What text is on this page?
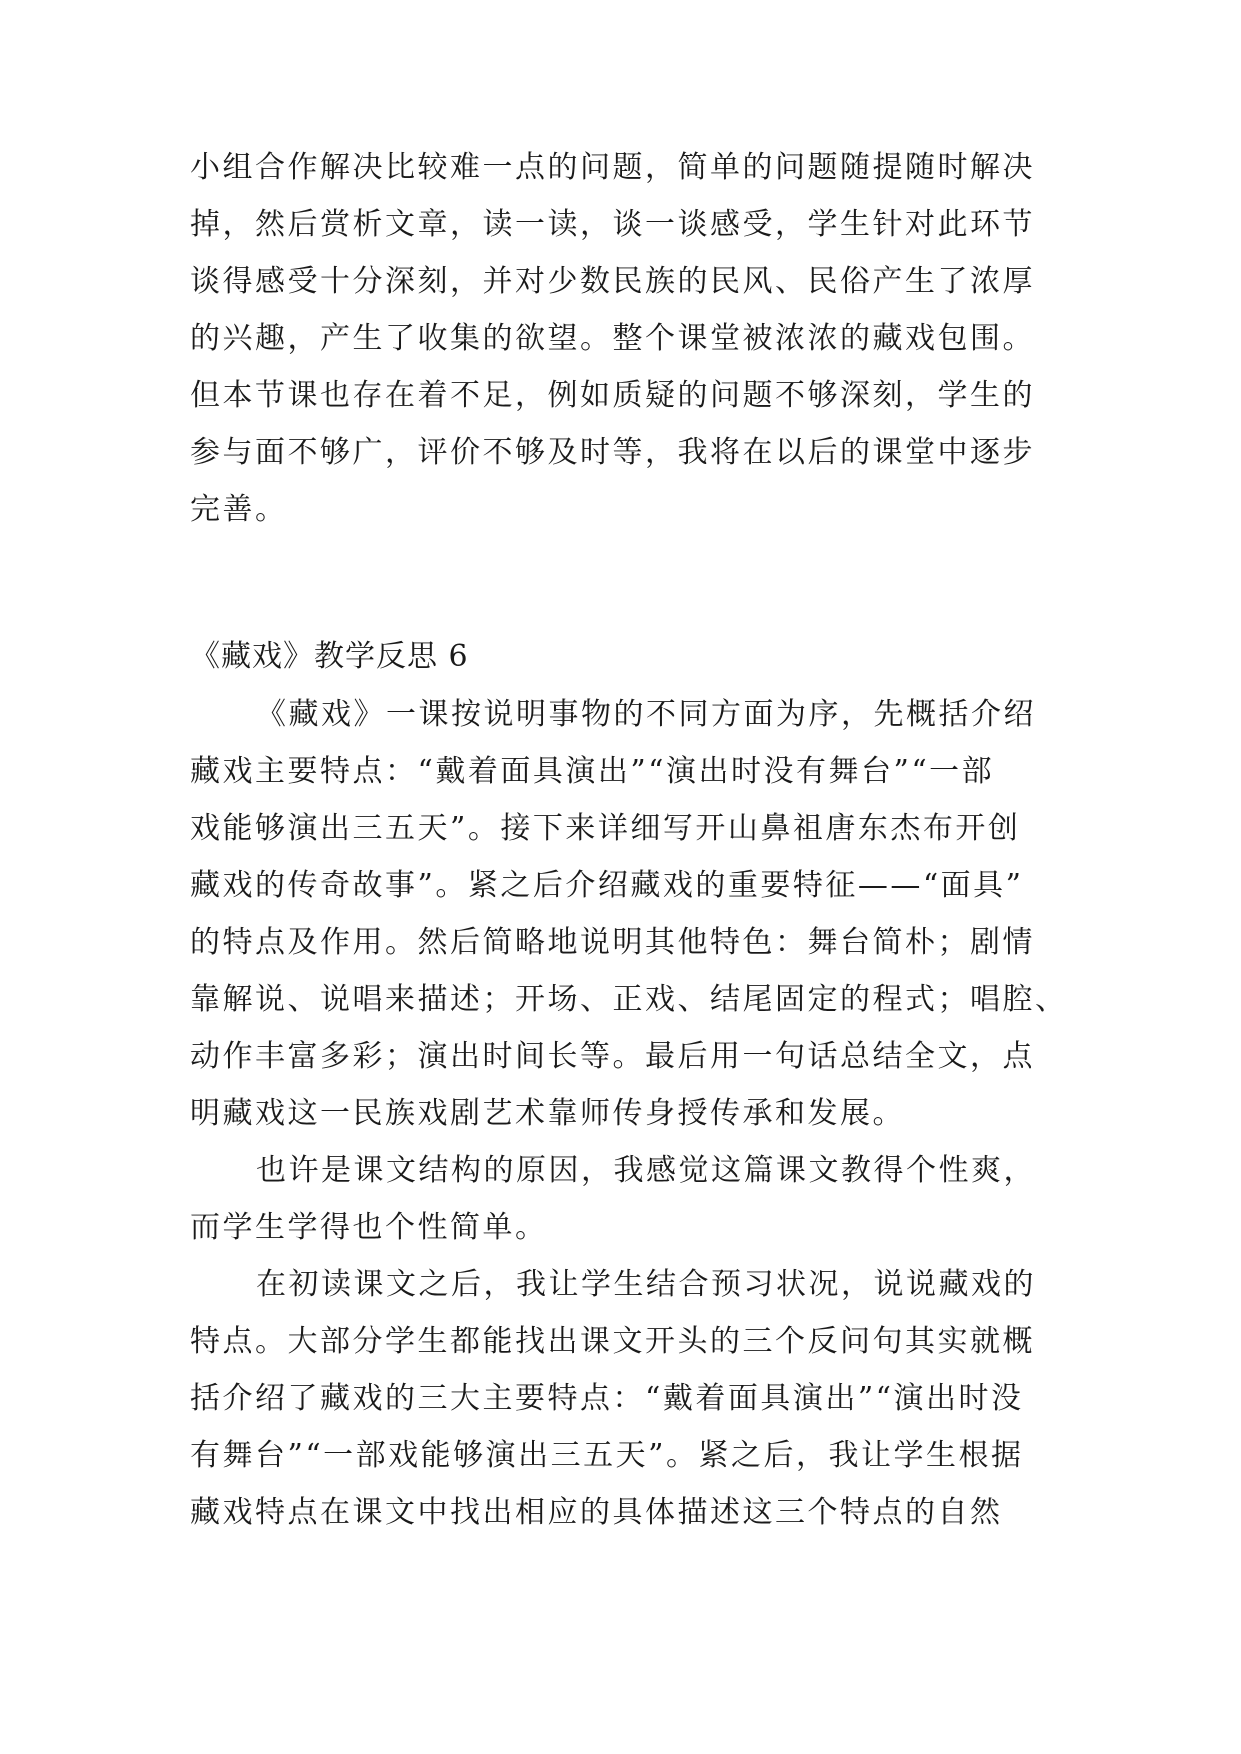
小组合作解决比较难一点的问题，简单的问题随提随时解决
掉，然后赏析文章，读一读，谈一谈感受，学生针对此环节
谈得感受十分深刻，并对少数民族的民风、民俗产生了浓厚
的兴趣，产生了收集的欲望。整个课堂被浓浓的藏戏包围。
但本节课也存在着不足，例如质疑的问题不够深刻，学生的
参与面不够广，评价不够及时等，我将在以后的课堂中逐步
完善。

《藏戏》教学反思 6

《藏戏》一课按说明事物的不同方面为序，先概括介绍
藏戏主要特点：“戴着面具演出”“演出时没有舞台”“一部
戏能够演出三五天”。接下来详细写开山鼻祖唐东杰布开创
藏戏的传奇故事”。紧之后介绍藏戏的重要特征——“面具”
的特点及作用。然后简略地说明其他特色：舞台简朴；剧情
靠解说、说唱来描述；开场、正戏、结尾固定的程式；唱腔、
动作丰富多彩；演出时间长等。最后用一句话总结全文，点
明藏戏这一民族戏剧艺术靠师传身授传承和发展。

也许是课文结构的原因，我感觉这篇课文教得个性爽，
而学生学得也个性简单。

在初读课文之后，我让学生结合预习状况，说说藏戏的
特点。大部分学生都能找出课文开头的三个反问句其实就概
括介绍了藏戏的三大主要特点：“戴着面具演出”“演出时没
有舞台”“一部戏能够演出三五天”。紧之后，我让学生根据
藏戏特点在课文中找出相应的具体描述这三个特点的自然
